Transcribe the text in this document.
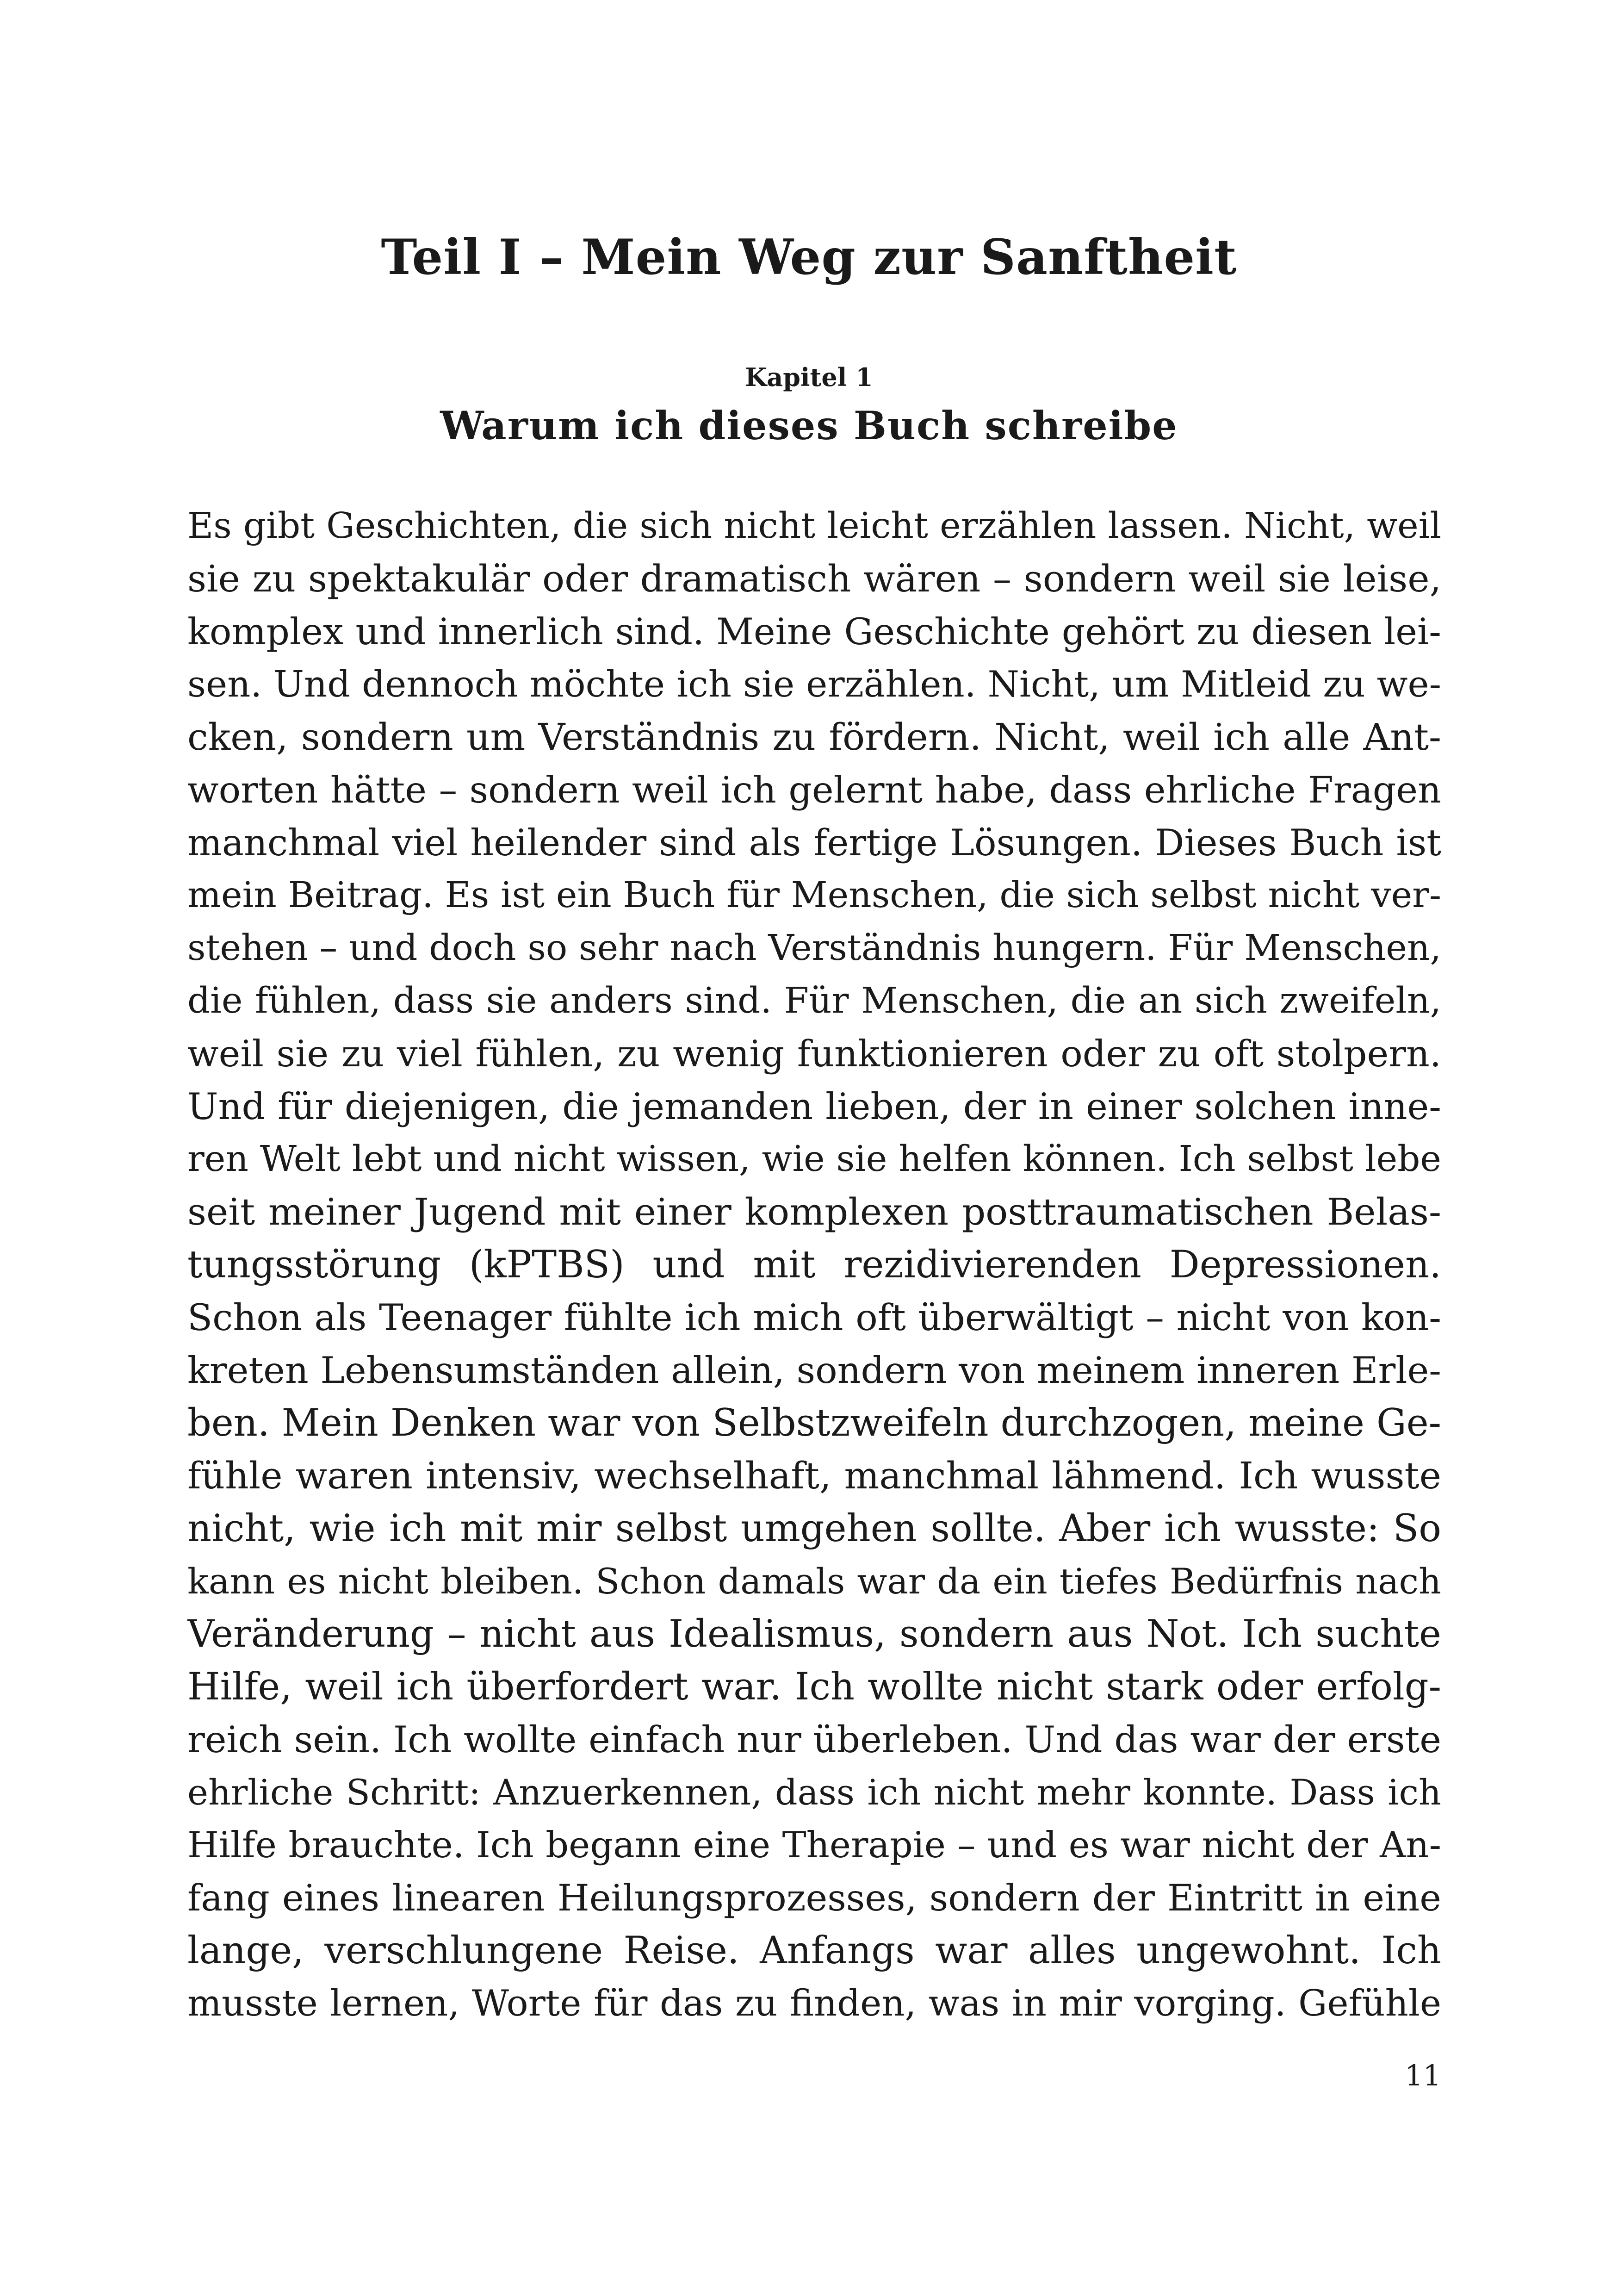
Teil I – Mein Weg zur Sanftheit
Kapitel 1
Warum ich dieses Buch schreibe
Es gibt Geschichten, die sich nicht leicht erzählen lassen. Nicht, weil
sie zu spektakulär oder dramatisch wären – sondern weil sie leise,
komplex und innerlich sind. Meine Geschichte gehört zu diesen lei-
sen. Und dennoch möchte ich sie erzählen. Nicht, um Mitleid zu we-
cken, sondern um Verständnis zu fördern. Nicht, weil ich alle Ant-
worten hätte – sondern weil ich gelernt habe, dass ehrliche Fragen
manchmal viel heilender sind als fertige Lösungen. Dieses Buch ist
mein Beitrag. Es ist ein Buch für Menschen, die sich selbst nicht ver-
stehen – und doch so sehr nach Verständnis hungern. Für Menschen,
die fühlen, dass sie anders sind. Für Menschen, die an sich zweifeln,
weil sie zu viel fühlen, zu wenig funktionieren oder zu oft stolpern.
Und für diejenigen, die jemanden lieben, der in einer solchen inne-
ren Welt lebt und nicht wissen, wie sie helfen können. Ich selbst lebe
seit meiner Jugend mit einer komplexen posttraumatischen Belas-
tungsstörung (kPTBS) und mit rezidivierenden Depressionen.
Schon als Teenager fühlte ich mich oft überwältigt – nicht von kon-
kreten Lebensumständen allein, sondern von meinem inneren Erle-
ben. Mein Denken war von Selbstzweifeln durchzogen, meine Ge-
fühle waren intensiv, wechselhaft, manchmal lähmend. Ich wusste
nicht, wie ich mit mir selbst umgehen sollte. Aber ich wusste: So
kann es nicht bleiben. Schon damals war da ein tiefes Bedürfnis nach
Veränderung – nicht aus Idealismus, sondern aus Not. Ich suchte
Hilfe, weil ich überfordert war. Ich wollte nicht stark oder erfolg-
reich sein. Ich wollte einfach nur überleben. Und das war der erste
ehrliche Schritt: Anzuerkennen, dass ich nicht mehr konnte. Dass ich
Hilfe brauchte. Ich begann eine Therapie – und es war nicht der An-
fang eines linearen Heilungsprozesses, sondern der Eintritt in eine
lange, verschlungene Reise. Anfangs war alles ungewohnt. Ich
musste lernen, Worte für das zu finden, was in mir vorging. Gefühle
11
